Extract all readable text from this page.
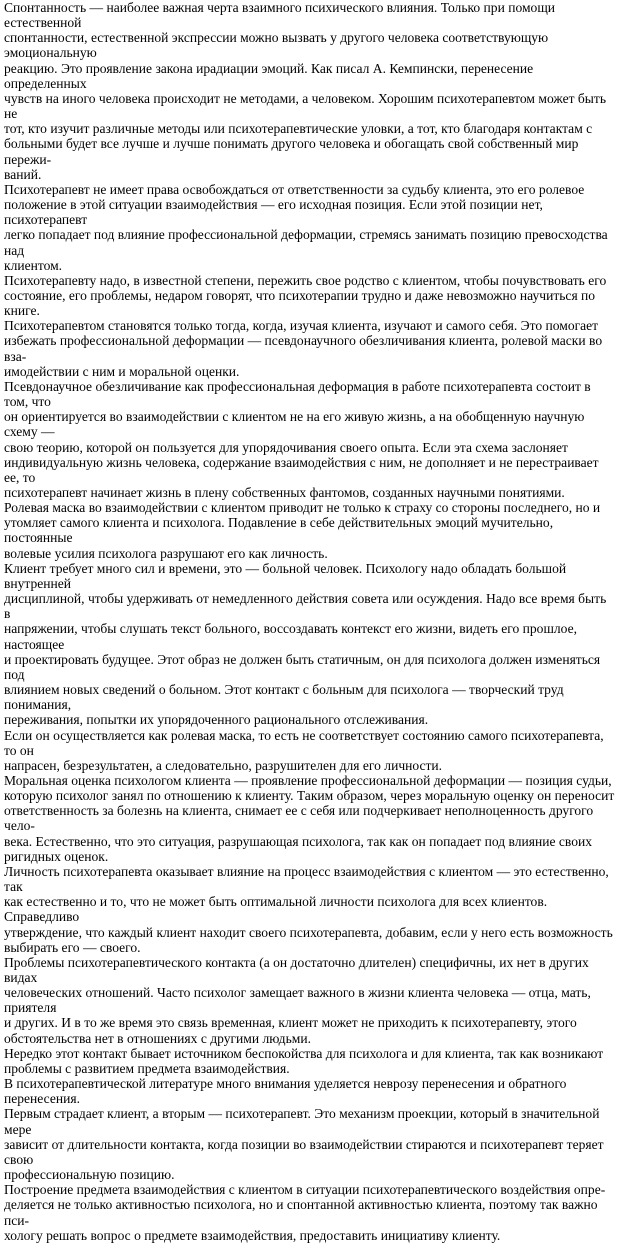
Спонтанность — наиболее важная черта взаимного психического влияния. Только при помощи естественной
спонтанности, естественной экспрессии можно вызвать у другого человека соответствующую эмоциональную
реакцию. Это проявление закона ирадиации эмоций. Как писал А. Кемпински, перенесение определенных
чувств на иного человека происходит не методами, а человеком. Хорошим психотерапевтом может быть не
тот, кто изучит различные методы или психотерапевтические уловки, а тот, кто благодаря контактам с
больными будет все лучше и лучше понимать другого человека и обогащать свой собственный мир пережи-
ваний.

Психотерапевт не имеет права освобождаться от ответственности за судьбу клиента, это его ролевое
положение в этой ситуации взаимодействия — его исходная позиция. Если этой позиции нет, психотерапевт
легко попадает под влияние профессиональной деформации, стремясь занимать позицию превосходства над
клиентом.

Психотерапевту надо, в известной степени, пережить свое родство с клиентом, чтобы почувствовать его
состояние, его проблемы, недаром говорят, что психотерапии трудно и даже невозможно научиться по книге.
Психотерапевтом становятся только тогда, когда, изучая клиента, изучают и самого себя. Это помогает
избежать профессиональной деформации — псевдонаучного обезличивания клиента, ролевой маски во вза-
имодействии с ним и моральной оценки.

Псевдонаучное обезличивание как профессиональная деформация в работе психотерапевта состоит в том, что
он ориентируется во взаимодействии с клиентом не на его живую жизнь, а на обобщенную научную схему —
свою теорию, которой он пользуется для упорядочивания своего опыта. Если эта схема заслоняет
индивидуальную жизнь человека, содержание взаимодействия с ним, не дополняет и не перестраивает ее, то
психотерапевт начинает жизнь в плену собственных фантомов, созданных научными понятиями.

Ролевая маска во взаимодействии с клиентом приводит не только к страху со стороны последнего, но и
утомляет самого клиента и психолога. Подавление в себе действительных эмоций мучительно, постоянные
волевые усилия психолога разрушают его как личность.

Клиент требует много сил и времени, это — больной человек. Психологу надо обладать большой внутренней
дисциплиной, чтобы удерживать от немедленного действия совета или осуждения. Надо все время быть в
напряжении, чтобы слушать текст больного, воссоздавать контекст его жизни, видеть его прошлое, настоящее
и проектировать будущее. Этот образ не должен быть статичным, он для психолога должен изменяться под
влиянием новых сведений о больном. Этот контакт с больным для психолога — творческий труд понимания,
переживания, попытки их упорядоченного рационального отслеживания.

Если он осуществляется как ролевая маска, то есть не соответствует состоянию самого психотерапевта, то он
напрасен, безрезультатен, а следовательно, разрушителен для его личности.

Моральная оценка психологом клиента — проявление профессиональной деформации — позиция судьи,
которую психолог занял по отношению к клиенту. Таким образом, через моральную оценку он переносит
ответственность за болезнь на клиента, снимает ее с себя или подчеркивает неполноценность другого чело-
века. Естественно, что это ситуация, разрушающая психолога, так как он попадает под влияние своих
ригидных оценок.

Личность психотерапевта оказывает влияние на процесс взаимодействия с клиентом — это естественно, так
как естественно и то, что не может быть оптимальной личности психолога для всех клиентов. Справедливо
утверждение, что каждый клиент находит своего психотерапевта, добавим, если у него есть возможность
выбирать его — своего.

Проблемы психотерапевтического контакта (а он достаточно длителен) специфичны, их нет в других видах
человеческих отношений. Часто психолог замещает важного в жизни клиента человека — отца, мать, приятеля
и других. И в то же время это связь временная, клиент может не приходить к психотерапевту, этого
обстоятельства нет в отношениях с другими людьми.

Нередко этот контакт бывает источником беспокойства для психолога и для клиента, так как возникают
проблемы с развитием предмета взаимодействия.

В психотерапевтической литературе много внимания уделяется неврозу перенесения и обратного перенесения.
Первым страдает клиент, а вторым — психотерапевт. Это механизм проекции, который в значительной мере
зависит от длительности контакта, когда позиции во взаимодействии стираются и психотерапевт теряет свою
профессиональную позицию.

Построение предмета взаимодействия с клиентом в ситуации психотерапевтического воздействия опре-
деляется не только активностью психолога, но и спонтанной активностью клиента, поэтому так важно пси-
хологу решать вопрос о предмете взаимодействия, предоставить инициативу клиенту.
